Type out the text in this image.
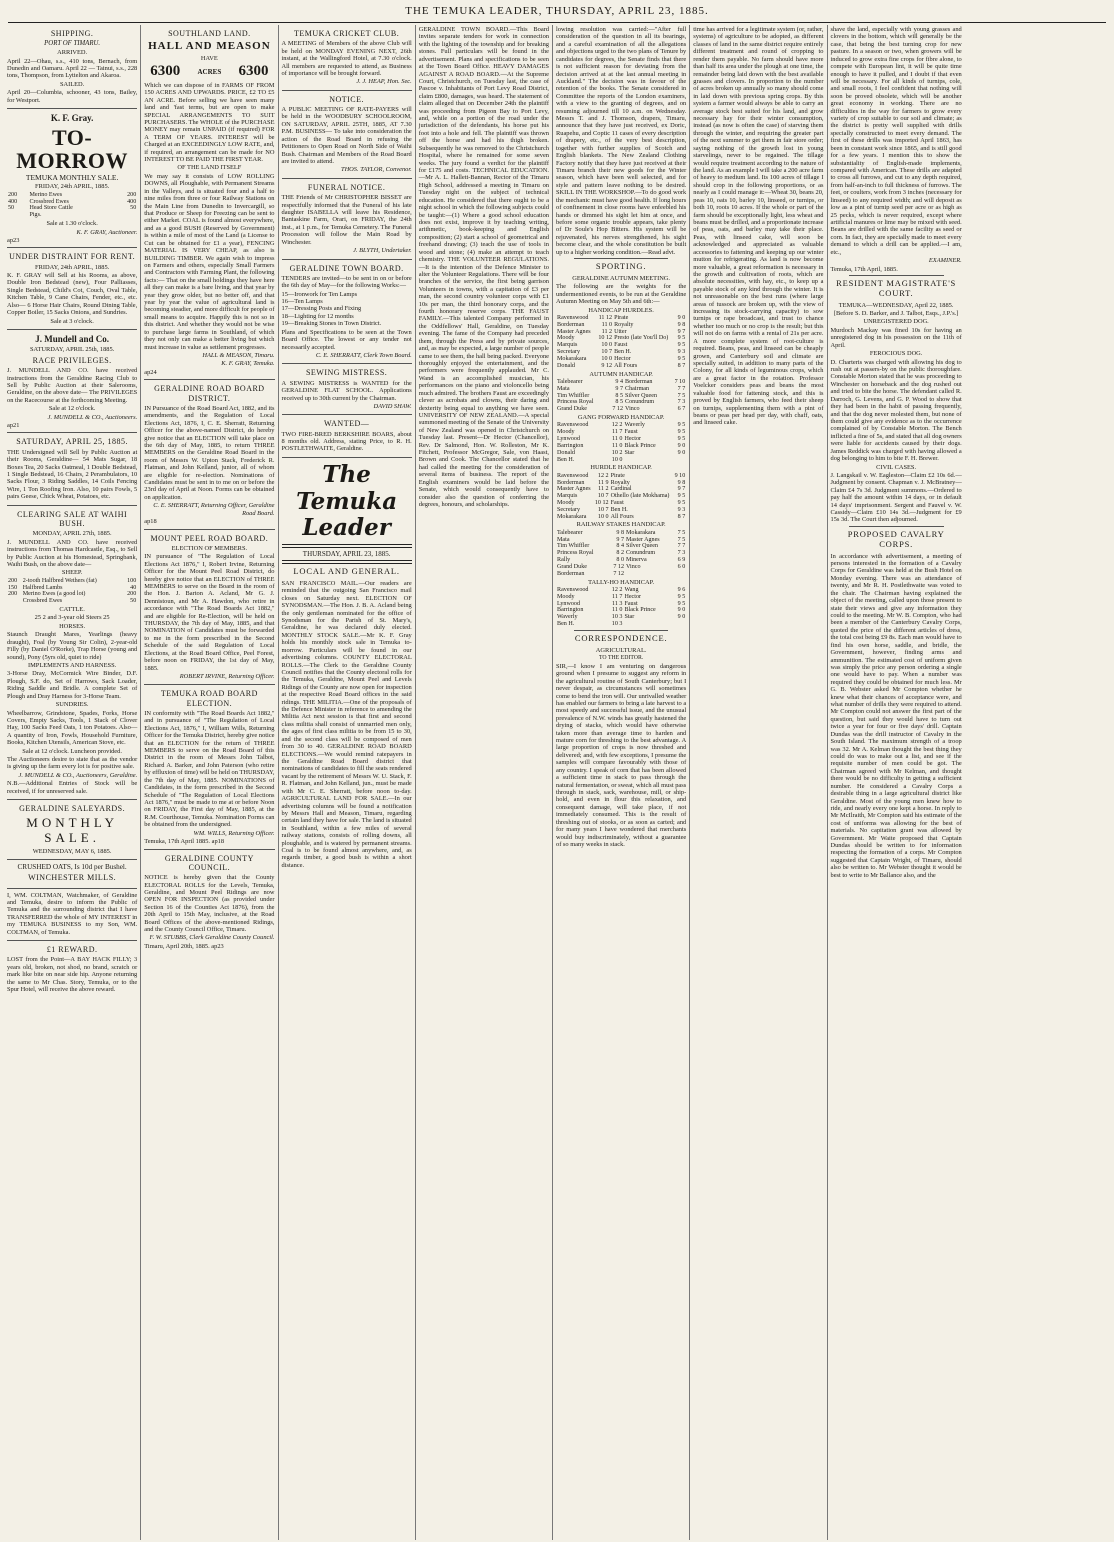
THE TEMUKA LEADER, THURSDAY, APRIL 23, 1885.
SHIPPING.
PORT OF TIMARU.
ARRIVED.
April 22—Ohau, s.s., 410 tons, Bernach, from Dunedin and Oamaru. April 22 — Tainui, s.s., 228 tons, Thompson, from Lyttelton and Akaroa.
SAILED.
April 20—Columbia, schooner, 43 tons, Bailey, for Westport.
K. F. Gray.
TO-MORROW
TEMUKA MONTHLY SALE.
FRIDAY, 24th APRIL, 1885.
200	Merino Ewes	200
400	Crossbred Ewes	400
50	Head Store Cattle	50
	Pigs.	
Sale at 1.30 o'clock.
K. F. GRAY, Auctioneer.
ap23
UNDER DISTRAINT FOR RENT.
FRIDAY, 24th APRIL, 1885.
K. F. GRAY will Sell at his Rooms, as above, Double Iron Bedstead (new), Four Palliasses, Single Bedstead, Child's Cot, Couch, Oval Table, Kitchen Table, 9 Cane Chairs, Fender, etc., etc. Also— 6 Horse Hair Chairs, Round Dining Table, Copper Boiler, 15 Sacks Onions, and Sundries.
Sale at 3 o'clock.
J. Mundell and Co.
SATURDAY, APRIL 25th, 1885.
RACE PRIVILEGES.
J. MUNDELL AND CO. have received instructions from the Geraldine Racing Club to Sell by Public Auction at their Salerooms, Geraldine, on the above date— The PRIVILEGES on the Racecourse at the forthcoming Meeting.
Sale at 12 o'clock.
J. MUNDELL & CO., Auctioneers.
ap21
SATURDAY, APRIL 25, 1885.
THE Undersigned will Sell by Public Auction at their Rooms, Geraldine— 54 Mats Sugar, 18 Boxes Tea, 20 Sacks Oatmeal, 1 Double Bedstead, 1 Single Bedstead, 16 Chairs, 2 Perambulators, 10 Sacks Flour, 3 Riding Saddles, 14 Coils Fencing Wire, 1 Ton Roofing Iron. Also, 10 pairs Fowls, 5 pairs Geese, Chick Wheat, Potatoes, etc.
CLEARING SALE AT WAIHI BUSH.
MONDAY, APRIL 27th, 1885.
J. MUNDELL AND CO. have received instructions from Thomas Hardcastle, Esq., to Sell by Public Auction at his Homestead, Springbank, Waihi Bush, on the above date—
SHEEP.
200	2-tooth Halfbred Wethers (fat)	100
150	Halfbred Lambs	40
200	Merino Ewes (a good lot)	200
	Crossbred Ewes	50
CATTLE.
25 2 and 3-year old Steers 25
HORSES.
Staunch Draught Mares, Yearlings (heavy draught), Foal (by Young Sir Colin), 2-year-old Filly (by Daniel O'Rorke), Trap Horse (young and sound), Pony (5yrs old, quiet to ride)
IMPLEMENTS AND HARNESS.
3-Horse Dray, McCormick Wire Binder, D.F. Plough, S.F. do, Set of Harrows, Sack Loader, Riding Saddle and Bridle. A complete Set of Plough and Dray Harness for 3-Horse Team.
SUNDRIES.
Wheelbarrow, Grindstone, Spades, Forks, Horse Covers, Empty Sacks, Tools, 1 Stack of Clover Hay, 100 Sacks Feed Oats, 1 ton Potatoes. Also— A quantity of Iron, Fowls, Household Furniture, Books, Kitchen Utensils, American Stove, etc.
Sale at 12 o'clock. Luncheon provided.
The Auctioneers desire to state that as the vendor is giving up the farm every lot is for positive sale.
J. MUNDELL & CO., Auctioneers, Geraldine.
N.B.—Additional Entries of Stock will be received, if for unreserved sale.
GERALDINE SALEYARDS.
MONTHLY SALE.
WEDNESDAY, MAY 6, 1885.
CRUSHED OATS, Is 10d per Bushel.
WINCHESTER MILLS.
I, WM. COLTMAN, Watchmaker, of Geraldine and Temuka, desire to inform the Public of Temuka and the surrounding district that I have TRANSFERRED the whole of MY INTEREST in my TEMUKA BUSINESS to my Son, WM. COLTMAN, of Temuka.
£1 REWARD.
LOST from the Point—A BAY HACK FILLY; 3 years old, broken, not shod, no brand, scratch or mark like bite on near side hip. Anyone returning the same to Mr Chas. Story, Temuka, or to the Spur Hotel, will receive the above reward.
SOUTHLAND LAND.
HALL AND MEASON
HAVE
6300 ACRES 6300
Which we can dispose of in FARMS OF FROM 150 ACRES AND UPWARDS. PRICE, £2 TO £5 AN ACRE. Before selling we have seen many land and 'fast terms, but are open to make SPECIAL ARRANGEMENTS TO SUIT PURCHASERS. The WHOLE of the PURCHASE MONEY may remain UNPAID (if required) FOR A TERM OF YEARS. INTEREST will be Charged at an EXCEEDINGLY LOW RATE, and, if required, an arrangement can be made for NO INTEREST TO BE PAID THE FIRST YEAR.
OF THE LAND ITSELF
We may say it consists of LOW ROLLING DOWNS, all Ploughable, with Permanent Streams in the Valleys, and is situated four and a half to nine miles from three or four Railway Stations on the Main Line from Dunedin to Invercargill, so that Produce or Sheep for Freezing can be sent to either Market. COAL is found almost everywhere, and as a good BUSH (Reserved by Government) is within a mile of most of the Land (a License to Cut can be obtained for £1 a year), FENCING MATERIAL IS VERY CHEAP, as also is BUILDING TIMBER. We again wish to impress on Farmers and others, especially Small Farmers and Contractors with Farming Plant, the following facts:— That on the small holdings they have here all they can make is a bare living, and that year by year they grow older, but no better off, and that year by year the value of agricultural land is becoming steadier, and more difficult for people of small means to acquire. Happily this is not so in this district. And whether they would not be wise to purchase large farms in Southland, of which they not only can make a better living but which must increase in value as settlement progresses.
HALL & MEASON, Timaru.
K. F. GRAY, Temuka.
ap24
GERALDINE ROAD BOARD DISTRICT.
IN Pursuance of the Road Board Act, 1882, and its amendments, and the Regulation of Local Elections Act, 1876, I, C. E. Sherratt, Returning Officer for the above-named District, do hereby give notice that an ELECTION will take place on the 6th day of May, 1885, to return THREE MEMBERS on the Geraldine Road Board in the room of Messrs W. Upton Stack, Frederick R. Flatman, and John Kelland, junior, all of whom are eligible for re-election. Nominations of Candidates must be sent in to me on or before the 23rd day of April at Noon. Forms can be obtained on application.
C. E. SHERRATT, Returning Officer, Geraldine Road Board.
ap18
MOUNT PEEL ROAD BOARD.
ELECTION OF MEMBERS.
IN pursuance of "The Regulation of Local Elections Act 1876," I, Robert Irvine, Returning Officer for the Mount Peel Road District, do hereby give notice that an ELECTION of THREE MEMBERS to serve on the Board in the room of the Hon. J. Barton A. Acland, Mr G. J. Dennistoun, and Mr A. Hawdon, who retire in accordance with "The Road Boards Act 1882," and are eligible for Re-Election, will be held on THURSDAY, the 7th day of May, 1885, and that NOMINATION of Candidates must be forwarded to me in the form prescribed in the Second Schedule of the said Regulation of Local Elections, at the Road Board Office, Peel Forest, before noon on FRIDAY, the 1st day of May, 1885.
ROBERT IRVINE, Returning Officer.
TEMUKA ROAD BOARD ELECTION.
IN conformity with "The Road Boards Act 1882," and in pursuance of "The Regulation of Local Elections Act, 1876," I, William Wills, Returning Officer for the Temuka District, hereby give notice that an ELECTION for the return of THREE MEMBERS to serve on the Road Board of this District in the room of Messrs John Talbot, Richard A. Barker, and John Paterson (who retire by effluxion of time) will be held on THURSDAY, the 7th day of May, 1885. NOMINATIONS of Candidates, in the form prescribed in the Second Schedule of "The Regulation of Local Elections Act 1876," must be made to me at or before Noon on FRIDAY, the First day of May, 1885, at the R.M. Courthouse, Temuka. Nomination Forms can be obtained from the undersigned.
WM. WILLS, Returning Officer.
Temuka, 17th April 1885. ap18
GERALDINE COUNTY COUNCIL.
NOTICE is hereby given that the County ELECTORAL ROLLS for the Levels, Temuka, Geraldine, and Mount Peel Ridings are now OPEN FOR INSPECTION (as provided under Section 16 of the Counties Act 1876), from the 20th April to 15th May, inclusive, at the Road Board Offices of the above-mentioned Ridings, and the County Council Office, Timaru.
F. W. STUBBS, Clerk Geraldine County Council.
Timaru, April 20th, 1885. ap23
TEMUKA CRICKET CLUB.
A MEETING of Members of the above Club will be held on MONDAY EVENING NEXT, 26th instant, at the Wallingford Hotel, at 7.30 o'clock. All members are requested to attend, as Business of importance will be brought forward.
J. J. HEAP, Hon. Sec.
NOTICE.
A PUBLIC MEETING OF RATE-PAYERS will be held in the WOODBURY SCHOOLROOM, ON SATURDAY, APRIL 25TH, 1885, AT 7.30 P.M. BUSINESS— To take into consideration the action of the Road Board in refusing the Petitioners to Open Road on North Side of Waihi Bush. Chairman and Members of the Road Board are invited to attend.
THOS. TAYLOR, Convenor.
FUNERAL NOTICE.
THE Friends of Mr CHRISTOPHER BISSET are respectfully informed that the Funeral of his late daughter ISABELLA will leave his Residence, Bantaskine Farm, Orari, on FRIDAY, the 24th inst., at 1 p.m., for Temuka Cemetery. The Funeral Procession will follow the Main Road by Winchester.
J. BLYTH, Undertaker.
GERALDINE TOWN BOARD.
TENDERS are invited—to be sent in on or before the 6th day of May—for the following Works:—
15—Ironwork for Ten Lamps
16—Ten Lamps
17—Dressing Posts and Fixing
18—Lighting for 12 months
19—Breaking Stones in Town District.
Plans and Specifications to be seen at the Town Board Office. The lowest or any tender not necessarily accepted.
C. E. SHERRATT, Clerk Town Board.
SEWING MISTRESS.
A SEWING MISTRESS is WANTED for the GERALDINE FLAT SCHOOL. Applications received up to 30th current by the Chairman.
DAVID SHAW.
WANTED—
TWO FIRE-BRED BERKSHIRE BOARS, about 8 months old. Address, stating Price, to R. H. POSTLETHWAITE, Geraldine.
The Temuka Leader
THURSDAY, APRIL 23, 1885.
LOCAL AND GENERAL.
SAN FRANCISCO MAIL.—Our readers are reminded that the outgoing San Francisco mail closes on Saturday next. ELECTION OF SYNODSMAN.—The Hon. J. B. A. Acland being the only gentleman nominated for the office of Synodsman for the Parish of St. Mary's, Geraldine, he was declared duly elected. MONTHLY STOCK SALE.—Mr K. F. Gray holds his monthly stock sale in Temuka to-morrow. Particulars will be found in our advertising columns. COUNTY ELECTORAL ROLLS.—The Clerk to the Geraldine County Council notifies that the County electoral rolls for the Temuka, Geraldine, Mount Peel and Levels Ridings of the County are now open for inspection at the respective Road Board offices in the said ridings. THE MILITIA.—One of the proposals of the Defence Minister in reference to amending the Militia Act next session is that first and second class militia shall consist of unmarried men only, the ages of first class militia to be from 15 to 30, and the second class will be composed of men from 30 to 40. GERALDINE ROAD BOARD ELECTIONS.—We would remind ratepayers in the Geraldine Road Board district that nominations of candidates to fill the seats rendered vacant by the retirement of Messrs W. U. Stack, F. R. Flatman, and John Kelland, jun., must be made with Mr C. E. Sherratt, before noon to-day. AGRICULTURAL LAND FOR SALE.—In our advertising columns will be found a notification by Messrs Hall and Meason, Timaru, regarding certain land they have for sale. The land is situated in Southland, within a few miles of several railway stations, consists of rolling downs, all ploughable, and is watered by permanent streams. Coal is to be found almost anywhere, and, as regards timber, a good bush is within a short distance.
GERALDINE TOWN BOARD.—This Board invites separate tenders for work in connection with the lighting of the township and for breaking stones. Full particulars will be found in the advertisement. Plans and specifications to be seen at the Town Board Office. HEAVY DAMAGES AGAINST A ROAD BOARD.—At the Supreme Court, Christchurch, on Tuesday last, the case of Pascoe v. Inhabitants of Port Levy Road District, claim £800, damages, was heard. The statement of claim alleged that on December 24th the plaintiff was proceeding from Pigeon Bay to Port Levy, and, while on a portion of the road under the jurisdiction of the defendants, his horse put his foot into a hole and fell. The plaintiff was thrown off the horse and had his thigh broken. Subsequently he was removed to the Christchurch Hospital, where he remained for some seven weeks. The jury found a verdict for the plaintiff for £175 and costs. TECHNICAL EDUCATION.—Mr A. L. Hallett-Bannan, Rector of the Timaru High School, addressed a meeting in Timaru on Tuesday night on the subject of technical education. He considered that there ought to be a night school in which the following subjects could be taught:—(1) Where a good school education does not exist, improve it by teaching writing, arithmetic, book-keeping and English composition; (2) start a school of geometrical and freehand drawing; (3) teach the use of tools in wood and stone; (4) make an attempt to teach chemistry. THE VOLUNTEER REGULATIONS.—It is the intention of the Defence Minister to alter the Volunteer Regulations. There will be four branches of the service, the first being garrison Volunteers in towns, with a capitation of £3 per man, the second country volunteer corps with £1 10s per man, the third honorary corps, and the fourth honorary reserve corps. THE FAUST FAMILY.—This talented Company performed in the Oddfellows' Hall, Geraldine, on Tuesday evening. The fame of the Company had preceded them, through the Press and by private sources, and, as may be expected, a large number of people came to see them, the hall being packed. Everyone thoroughly enjoyed the entertainment, and the performers were frequently applauded. Mr C. Wand is an accomplished musician, his performances on the piano and violoncello being much admired. The brothers Faust are exceedingly clever as acrobats and clowns, their daring and dexterity being equal to anything we have seen. UNIVERSITY OF NEW ZEALAND.—A special summoned meeting of the Senate of the University of New Zealand was opened in Christchurch on Tuesday last. Present—Dr Hector (Chancellor), Rev. Dr Salmond, Hon. W. Rolleston, Mr K. Fitchett, Professor McGregor, Sale, von Haast, Brown and Cook. The Chancellor stated that he had called the meeting for the consideration of several items of business. The report of the English examiners would be laid before the Senate, which would consequently have to consider also the question of conferring the degrees, honours, and scholarships.
lowing resolution was carried:—"After full consideration of the question in all its bearings, and a careful examination of all the allegations and objections urged to the two plans of Tenure by candidates for degrees, the Senate finds that there is not sufficient reason for deviating from the decision arrived at at the last annual meeting in Auckland." The decision was in favour of the retention of the books. The Senate considered in Committee the reports of the London examiners, with a view to the granting of degrees, and on resuming adjourned till 10 a.m. on Wednesday. Messrs T. and J. Thomson, drapers, Timaru, announce that they have just received, ex Doric, Ruapehu, and Coptic 11 cases of every description of drapery, etc., of the very best description, together with further supplies of Scotch and English blankets. The New Zealand Clothing Factory notify that they have just received at their Timaru branch their new goods for the Winter season, which have been well selected, and for style and pattern leave nothing to be desired. SKILL IN THE WORKSHOP.—To do good work the mechanic must have good health. If long hours of confinement in close rooms have enfeebled his hands or dimmed his sight let him at once, and before some organic trouble appears, take plenty of Dr Soule's Hop Bitters. His system will be rejuvenated, his nerves strengthened, his sight become clear, and the whole constitution be built up to a higher working condition.—Read advt.
SPORTING.
GERALDINE AUTUMN MEETING.
The following are the weights for the undermentioned events, to be run at the Geraldine Autumn Meeting on May 5th and 6th:—
HANDICAP HURDLES.
Ravenswood	11 12	Pirate	9 0
Borderman	11 0	Royalty	9 8
Master Agnes	11 2	Utter	9 7
Moody	10 12	Presto (late You'll Do)	9 5
Marquis	10 0	Faust	9 5
Secretary	10 7	Ben H.	9 3
Mokarakara	10 0	Hector	9 5
Donald	9 12	All Fours	8 7
AUTUMN HANDICAP.
Talebearer	9 4	Borderman	7 10
Mata	9 7	Chairman	7 7
Tim Whiffler	8 5	Silver Queen	7 5
Princess Royal	8 5	Conundrum	7 3
Grand Duke	7 12	Vinco	6 7
GANG FORWARD HANDICAP.
Ravenswood	12 2	Waverly	9 5
Moody	11 7	Faust	9 5
Lynwood	11 0	Hector	9 5
Barrington	11 0	Black Prince	9 0
Donald	10 2	Star	9 0
Ben H.	10 0		
HURDLE HANDICAP.
Ravenswood	12 2	Pirate	9 10
Borderman	11 9	Royalty	9 8
Master Agnes	11 2	Cardinal	9 7
Marquis	10 7	Othello (late Mokhama)	9 5
Moody	10 12	Faust	9 5
Secretary	10 7	Ben H.	9 3
Mokarakara	10 0	All Fours	8 7
RAILWAY STAKES HANDICAP.
Talebearer	9 8	Mokarakara	7 5
Mata	9 7	Master Agnes	7 5
Tim Whiffler	8 4	Silver Queen	7 7
Princess Royal	8 2	Conundrum	7 3
Rally	8 0	Minerva	6 9
Grand Duke	7 12	Vinco	6 0
Borderman	7 12		
TALLY-HO HANDICAP.
Ravenswood	12 2	Wang	9 6
Moody	11 7	Hector	9 5
Lynwood	11 3	Faust	9 5
Barrington	11 0	Black Prince	9 0
Waverly	10 3	Star	9 0
Ben H.	10 3		
CORRESPONDENCE.
AGRICULTURAL.
TO THE EDITOR.
SIR,—I know I am venturing on dangerous ground when I presume to suggest any reform in the agricultural routine of South Canterbury; but I never despair, as circumstances will sometimes come to bend the iron will. Our unrivalled weather has enabled our farmers to bring a late harvest to a most speedy and successful issue, and the unusual prevalence of N.W. winds has greatly hastened the drying of stacks, which would have otherwise taken more than average time to harden and mature corn for threshing to the best advantage. A large proportion of crops is now threshed and delivered; and, with few exceptions, I presume the samples will compare favourably with those of any country. I speak of corn that has been allowed a sufficient time in stack to pass through the natural fermentation, or sweat, which all must pass through in stack, sack, warehouse, mill, or ship-hold, and even in flour this relaxation, and consequent damage, will take place, if not immediately consumed. This is the result of threshing out of stooks, or as soon as carted; and for many years I have wondered that merchants would buy indiscriminately, without a guarantee of so many weeks in stack.
time has arrived for a legitimate system (or, rather, systems) of agriculture to be adopted, as different classes of land in the same district require entirely different treatment and round of cropping to render them payable. No farm should have more than half its area under the plough at one time, the remainder being laid down with the best available grasses and clovers. In proportion to the number of acres broken up annually so many should come in laid down with previous spring crops. By this system a farmer would always be able to carry an average stock best suited for his land, and grow necessary hay for their winter consumption, instead (as now is often the case) of starving them through the winter, and requiring the greater part of the next summer to get them in fair store order; saying nothing of the growth lost in young starvelings, never to be regained. The tillage would require treatment according to the nature of the land. As an example I will take a 200 acre farm of heavy to medium land. Its 100 acres of tillage I should crop in the following proportions, or as nearly as I could manage it:—Wheat 30, beans 20, peas 10, oats 10, barley 10, linseed, or turnips, or both 10, roots 10 acres. If the whole or part of the farm should be exceptionally light, less wheat and beans must be drilled, and a proportionate increase of peas, oats, and barley may take their place. Peas, with linseed cake, will soon be acknowledged and appreciated as valuable accessories to fattening and keeping up our winter mutton for refrigerating. As land is now become more valuable, a great reformation is necessary in the growth and cultivation of roots, which are absolute necessities, with hay, etc., to keep up a payable stock of any kind through the winter. It is not unreasonable on the best runs (where large areas of tussock are broken up, with the view of increasing its stock-carrying capacity) to sow turnips or rape broadcast, and trust to chance whether too much or no crop is the result; but this will not do on farms with a rental of 21s per acre. A more complete system of root-culture is required. Beans, peas, and linseed can be cheaply grown, and Canterbury soil and climate are specially suited, in addition to many parts of the Colony, for all kinds of leguminous crops, which are a great factor in the rotation. Professor Voelcker considers peas and beans the most valuable food for fattening stock, and this is proved by English farmers, who feed their sheep on turnips, supplementing them with a pint of beans or peas per head per day, with chaff, oats, and linseed cake.
shave the land, especially with young grasses and clovers in the bottom, which will generally be the case, that being the best turning crop for new pasture. In a season or two, when growers will be induced to grow extra fine crops for fibre alone, to compete with European lint, it will be quite time enough to have it pulled, and I doubt if that even will be necessary. For all kinds of turnips, cole, and small roots, I feel confident that nothing will soon be proved obsolete, which will be another great economy in working. There are no difficulties in the way for farmers to grow every variety of crop suitable to our soil and climate; as the district is pretty well supplied with drills specially constructed to meet every demand. The first of these drills was imported April 1863, has been in constant work since 1865, and is still good for a few years. I mention this to show the substantiality of English-made implements, compared with American. These drills are adapted to cross all furrows, and cut to any depth required, from half-an-inch to full thickness of furrows. The feet, or coulters, work from 3 inches (necessary for linseed) to any required width; and will deposit as low as a pint of turnip seed per acre or as high as 25 pecks, which is never required, except where artificial manures or lime may be mixed with seed. Beans are drilled with the same facility as seed or corn. In fact, they are specially made to meet every demand to which a drill can be applied.—I am, etc.,
EXAMINER.
Temuka, 17th April, 1885.
RESIDENT MAGISTRATE'S COURT.
TEMUKA—WEDNESDAY, April 22, 1885.
[Before S. D. Barker, and J. Talbot, Esqs., J.P.'s.]
UNREGISTERED DOG.
Murdoch Mackay was fined 10s for having an unregistered dog in his possession on the 11th of April.
FEROCIOUS DOG.
D. Charteris was charged with allowing his dog to rush out at passers-by on the public thoroughfare. Constable Morton stated that he was proceeding to Winchester on horseback and the dog rushed out and tried to bite the horse. The defendant called R. Darroch, G. Levens, and G. P. Wood to show that they had been in the habit of passing frequently, and that the dog never molested them, but none of them could give any evidence as to the occurrence complained of by Constable Morton. The Bench inflicted a fine of 5s, and stated that all dog owners were liable for accidents caused by their dogs. James Reddick was charged with having allowed a dog belonging to him to bite F. H. Brewer.
CIVIL CASES.
J. Langskail v. W. Eagleston—Claim £2 10s 6d.—Judgment by consent. Chapman v. J. McBratney—Claim £4 7s 3d. Judgment summons.—Ordered to pay half the amount within 14 days, or in default 14 days' imprisonment. Sergent and Fauvel v. W. Cassidy—Claim £10 14s 3d.—Judgment for £9 15s 3d. The Court then adjourned.
PROPOSED CAVALRY CORPS.
In accordance with advertisement, a meeting of persons interested in the formation of a Cavalry Corps for Geraldine was held at the Bush Hotel on Monday evening. There was an attendance of twenty, and Mr R. H. Postlethwaite was voted to the chair. The Chairman having explained the object of the meeting, called upon those present to state their views and give any information they could to the meeting. Mr W. B. Compton, who had been a member of the Canterbury Cavalry Corps, quoted the price of the different articles of dress, the total cost being £9 8s. Each man would have to find his own horse, saddle, and bridle, the Government, however, finding arms and ammunition. The estimated cost of uniform given was simply the price any person ordering a single one would have to pay. When a number was required they could be obtained for much less. Mr G. B. Webster asked Mr Compton whether he knew what their chances of acceptance were, and what number of drills they were required to attend. Mr Compton could not answer the first part of the question, but said they would have to turn out twice a year for four or five days' drill. Captain Dundas was the drill instructor of Cavalry in the South Island. The maximum strength of a troop was 32. Mr A. Kelman thought the best thing they could do was to make out a list, and see if the requisite number of men could be got. The Chairman agreed with Mr Kelman, and thought there would be no difficulty in getting a sufficient number. He considered a Cavalry Corps a desirable thing in a large agricultural district like Geraldine. Most of the young men knew how to ride, and nearly every one kept a horse. In reply to Mr McIlraith, Mr Compton said his estimate of the cost of uniforms was allowing for the best of materials. No capitation grant was allowed by Government. Mr Waite proposed that Captain Dundas should be written to for information respecting the formation of a corps. Mr Compton suggested that Captain Wright, of Timaru, should also be written to. Mr Webster thought it would be best to write to Mr Ballance also, and the
